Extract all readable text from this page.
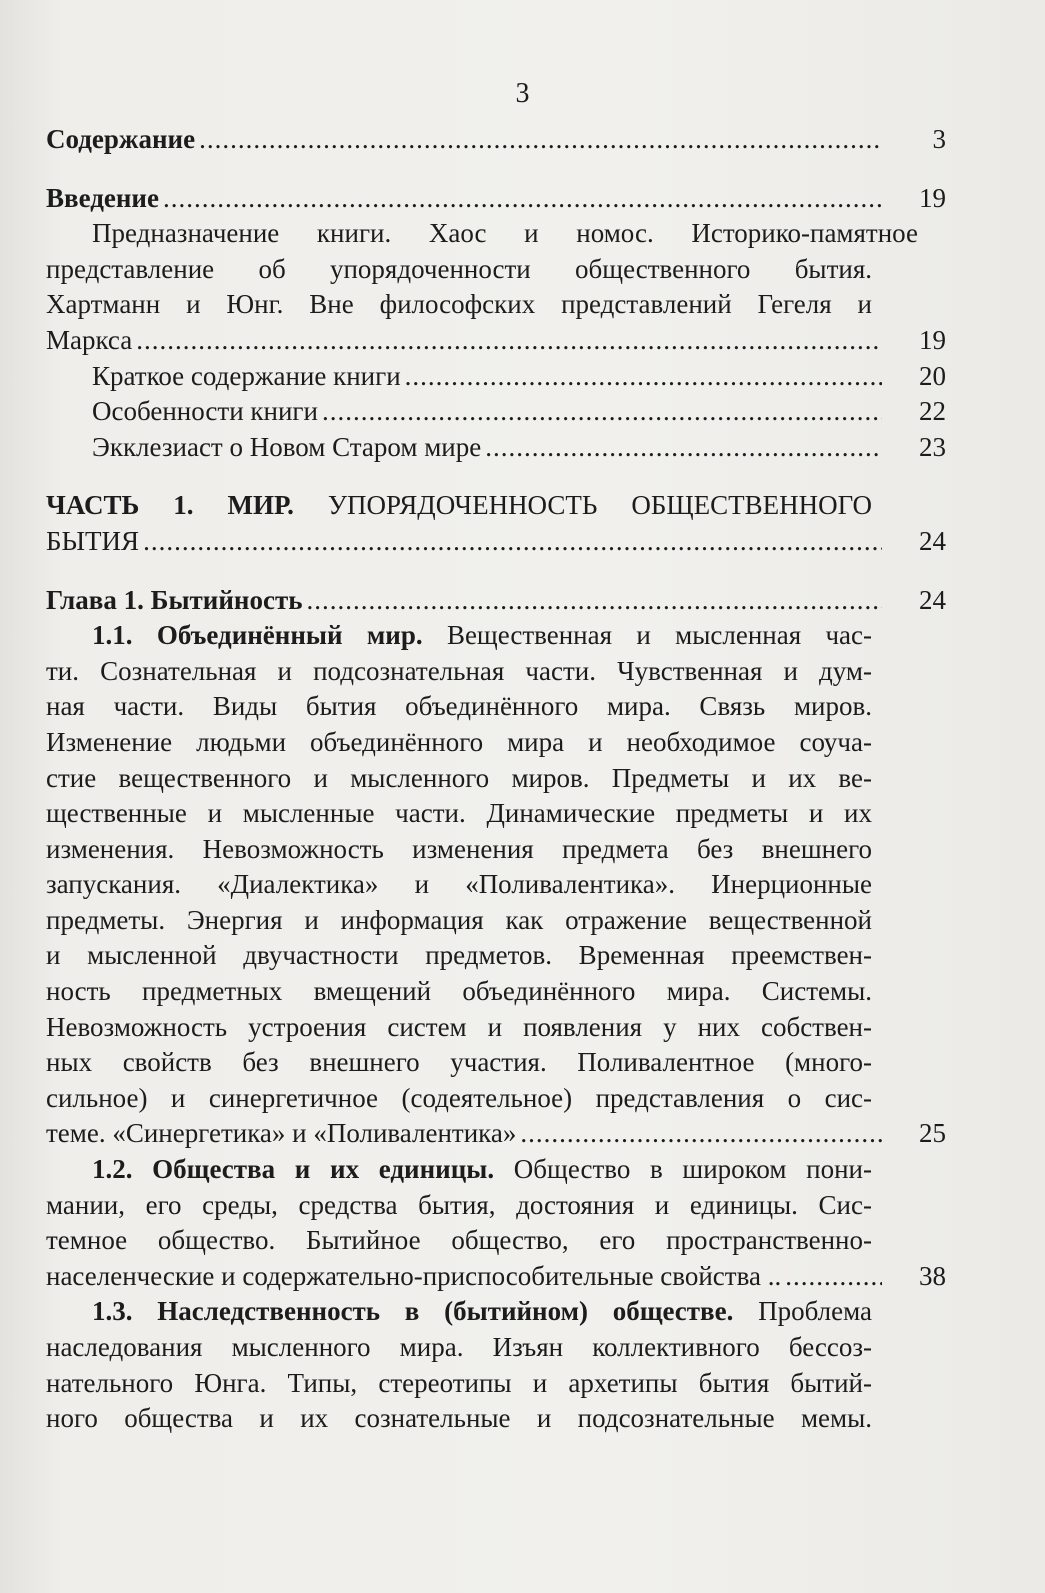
3
Содержание .....	3
Введение .....	19
Предназначение книги. Хаос и номос. Историко-памятное
представление об упорядоченности общественного бытия.
Хартманн и Юнг. Вне философских представлений Гегеля и
Маркса .....	19
Краткое содержание книги .....	20
Особенности книги .....	22
Экклезиаст о Новом Старом мире .....	23
ЧАСТЬ 1. МИР. УПОРЯДОЧЕННОСТЬ ОБЩЕСТВЕННОГО
БЫТИЯ .....	24
Глава 1. Бытийность .....	24
1.1. Объединённый мир. Вещественная и мысленная час-
ти. Сознательная и подсознательная части. Чувственная и дум-
ная части. Виды бытия объединённого мира. Связь миров.
Изменение людьми объединённого мира и необходимое соуча-
стие вещественного и мысленного миров. Предметы и их ве-
щественные и мысленные части. Динамические предметы и их
изменения. Невозможность изменения предмета без внешнего
запускания. «Диалектика» и «Поливалентика». Инерционные
предметы. Энергия и информация как отражение вещественной
и мысленной двучастности предметов. Временная преемствен-
ность предметных вмещений объединённого мира. Системы.
Невозможность устроения систем и появления у них собствен-
ных свойств без внешнего участия. Поливалентное (много-
сильное) и синергетичное (содеятельное) представления о сис-
теме. «Синергетика» и «Поливалентика» .....	25
1.2. Общества и их единицы. Общество в широком пони-
мании, его среды, средства бытия, достояния и единицы. Сис-
темное общество. Бытийное общество, его пространственно-
населенческие и содержательно-приспособительные свойства .. .....	38
1.3. Наследственность в (бытийном) обществе. Проблема
наследования мысленного мира. Изъян коллективного бессоз-
нательного Юнга. Типы, стереотипы и архетипы бытия бытий-
ного общества и их сознательные и подсознательные мемы.
